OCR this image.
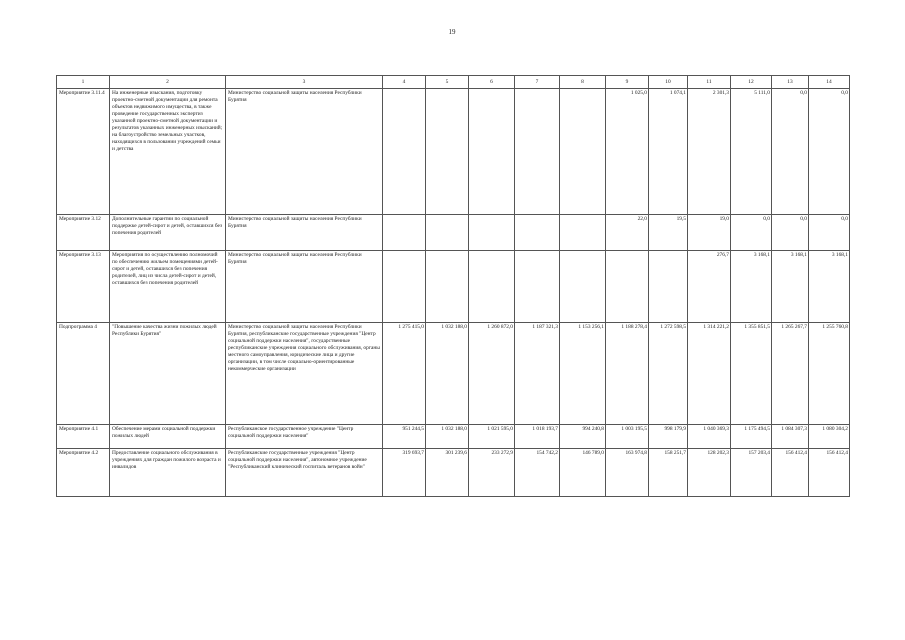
19
1	2	3	4	5	6	7	8	9	10	11	12	13	14
Мероприятие 3.11.4	На инженерные изыскания, подготовку проектно-сметной документации для ремонта объектов недвижимого имущества, в также проведение государственных экспертиз указанной проектно-сметной документации и результатов указанных инженерных изысканий; на благоустройство земельных участков, находящихся в пользовании учреждений семьи и детства	Министерство социальной защиты населения Республики Бурятия						1 025,0	1 074,1	2 301,3	5 111,0	0,0	0,0
Мероприятие 3.12	Дополнительные гарантии по социальной поддержке детей-сирот и детей, оставшихся без попечения родителей	Министерство социальной защиты населения Республики Бурятия						22,0	19,5	19,0	0,0	0,0	0,0
Мероприятие 3.13	Мероприятия по осуществлению полномочий по обеспечению жильем помещениями детей-сирот и детей, оставшихся без попечения родителей, лиц из числа детей-сирот и детей, оставшихся без попечения родителей	Министерство социальной защиты населения Республики Бурятия								276,7	3 168,1	3 168,1	3 168,1
Подпрограмма 4	"Повышение качества жизни пожилых людей Республики Бурятия"	Министерство социальной защиты населения Республики Бурятия, республиканские государственные учреждения "Центр социальной поддержки населения", государственные республиканские учреждения социального обслуживания, органы местного самоуправления, юридические лица и другие организации, в том числе социально-ориентированные некоммерческие организации	1 275 415,0	1 032 188,0	1 260 872,0	1 187 321,3	1 153 256,1	1 188 278,4	1 272 598,5	1 314 221,2	1 355 851,5	1 265 267,7	1 255 760,8
Мероприятие 4.1	Обеспечение мерами социальной поддержки пожилых людей	Республиканское государственное учреждение "Центр социальной поддержки населения"	951 244,5	1 032 188,0	1 021 595,0	1 018 193,7	994 240,8	1 003 195,5	998 179,9	1 040 369,3	1 175 494,5	1 084 307,3	1 080 304,2
Мероприятие 4.2	Предоставление социального обслуживания в учреждениях для граждан пожилого возраста и инвалидов	Республиканские государственные учреждения "Центр социальной поддержки населения", автономное учреждение "Республиканский клинический госпиталь ветеранов войн"	319 693,7	301 239,6	233 272,9	154 742,2	146 789,0	163 974,8	158 251,7	128 202,3	157 203,4	156 412,4	156 412,4
